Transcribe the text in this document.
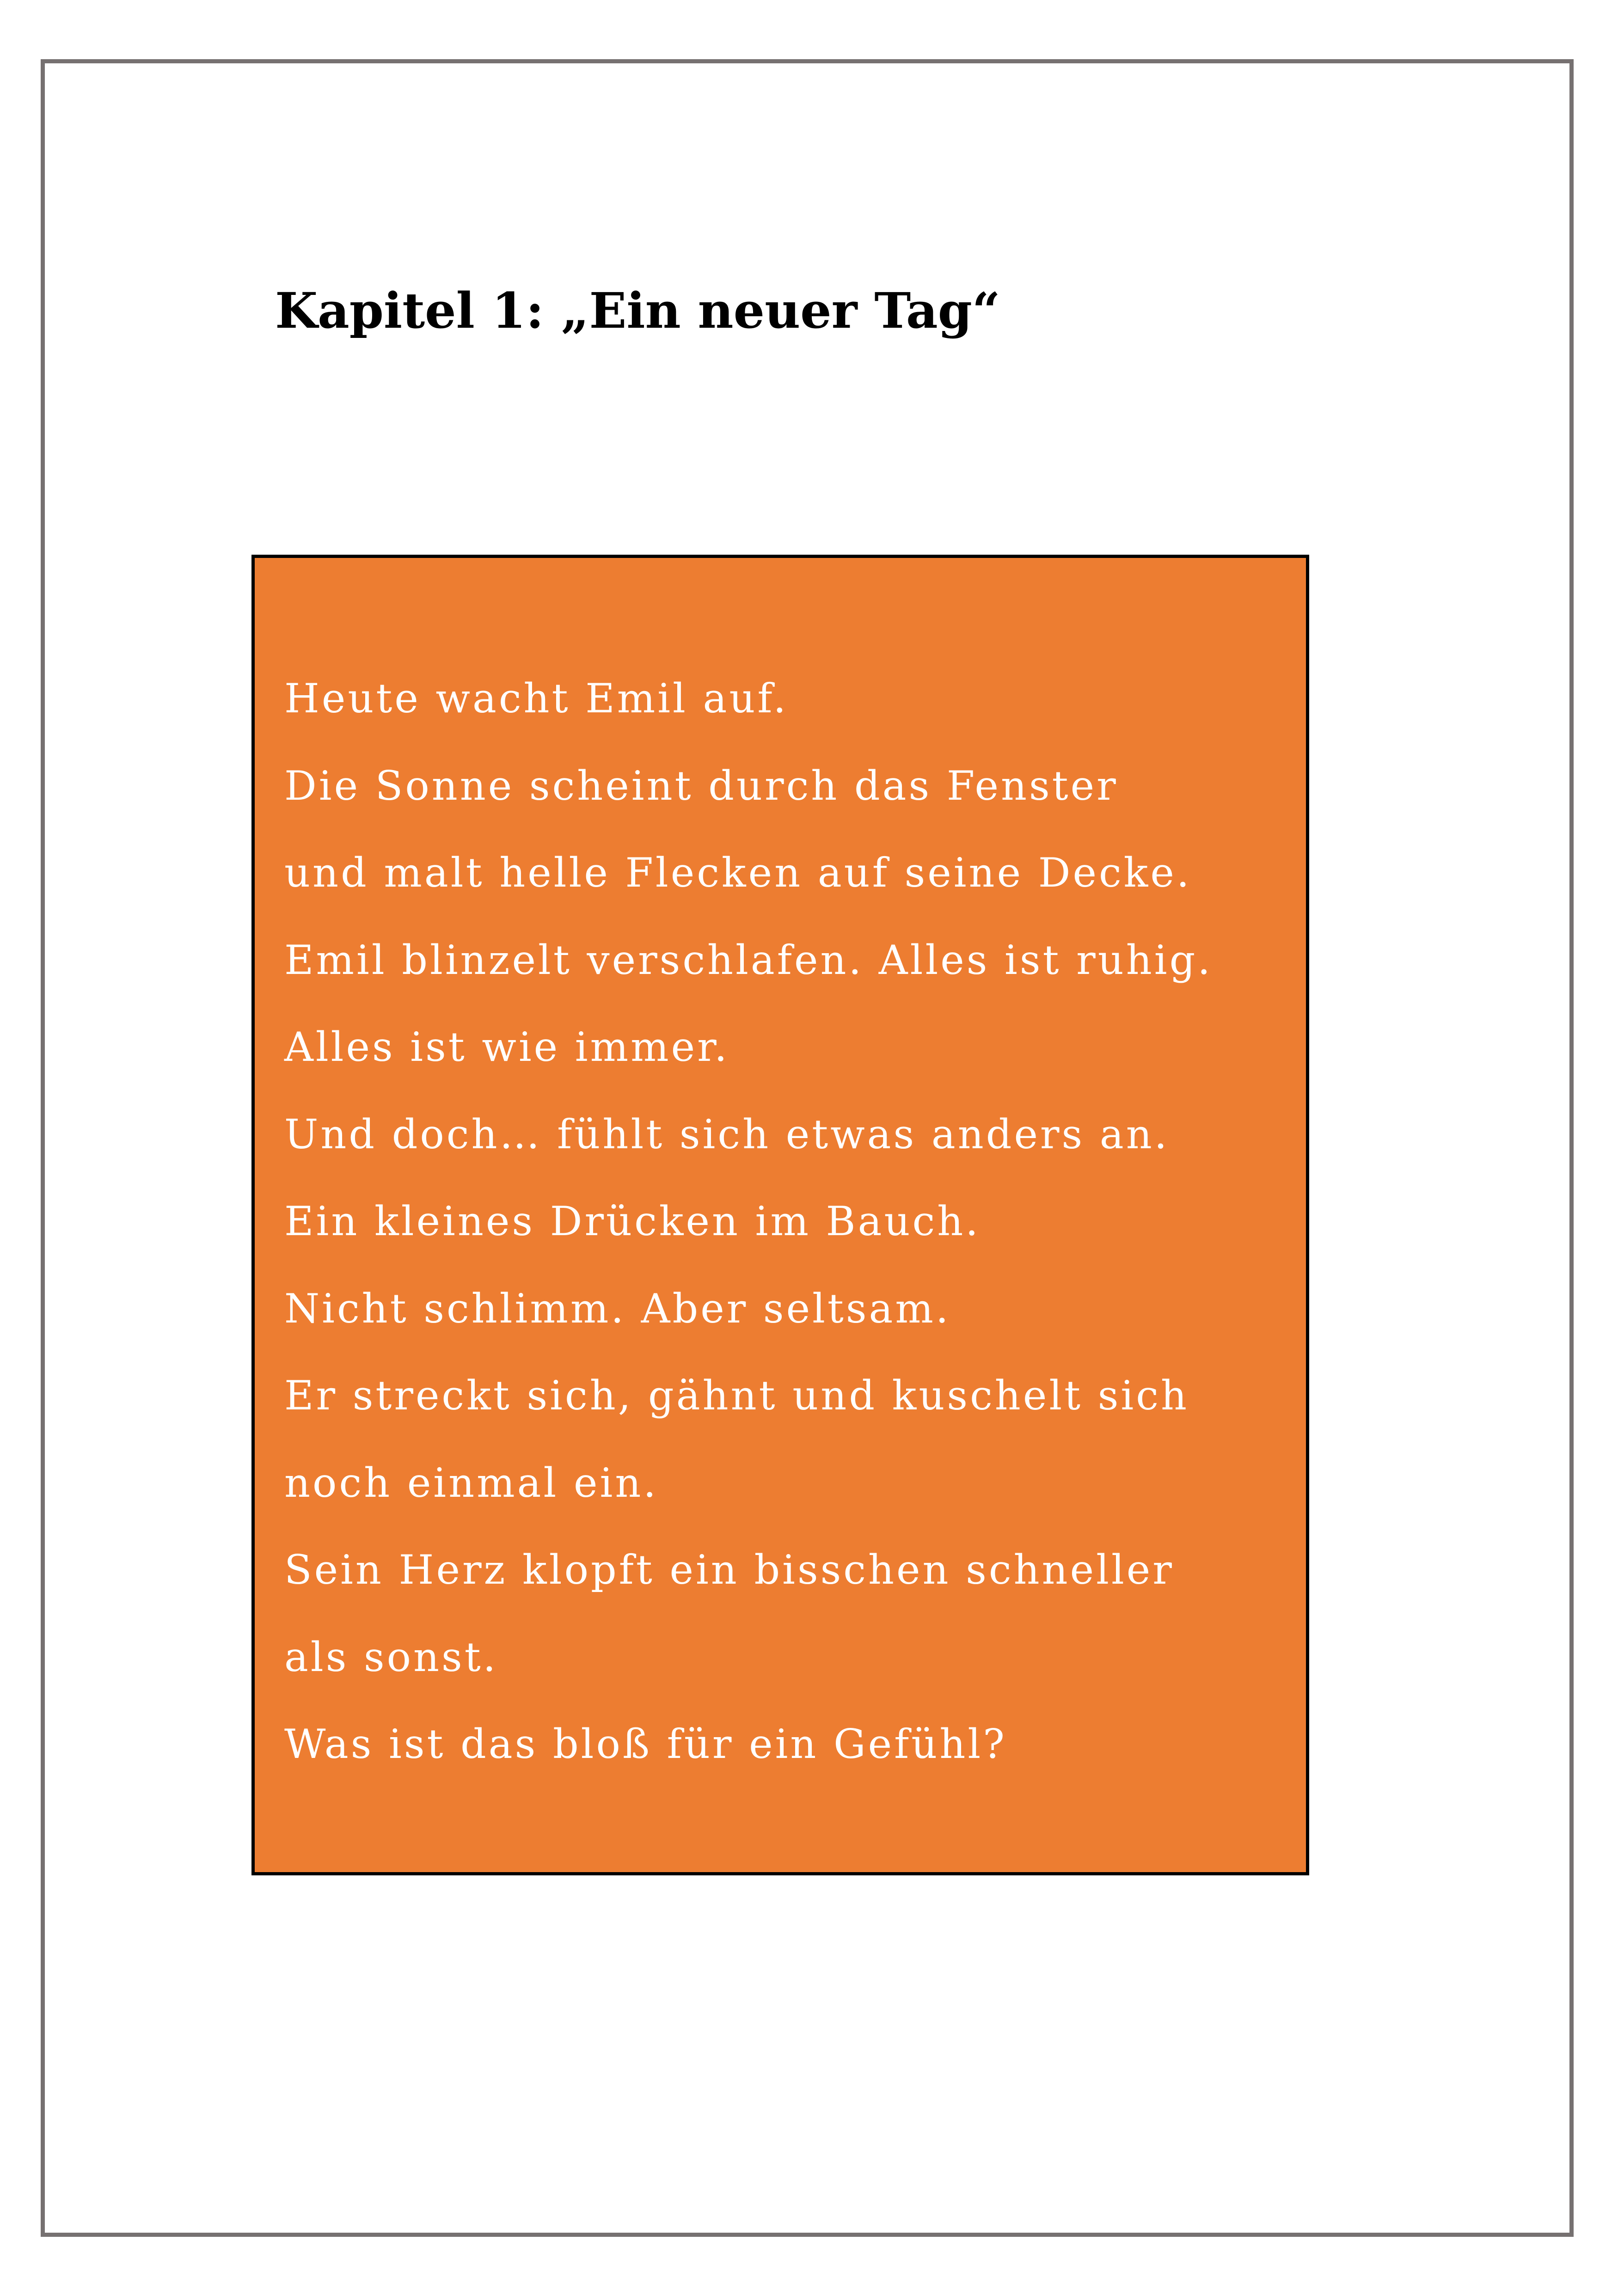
Kapitel 1: „Ein neuer Tag“
Heute wacht Emil auf.
Die Sonne scheint durch das Fenster
und malt helle Flecken auf seine Decke.
Emil blinzelt verschlafen. Alles ist ruhig.
Alles ist wie immer.
Und doch… fühlt sich etwas anders an.
Ein kleines Drücken im Bauch.
Nicht schlimm. Aber seltsam.
Er streckt sich, gähnt und kuschelt sich
noch einmal ein.
Sein Herz klopft ein bisschen schneller
als sonst.
Was ist das bloß für ein Gefühl?
